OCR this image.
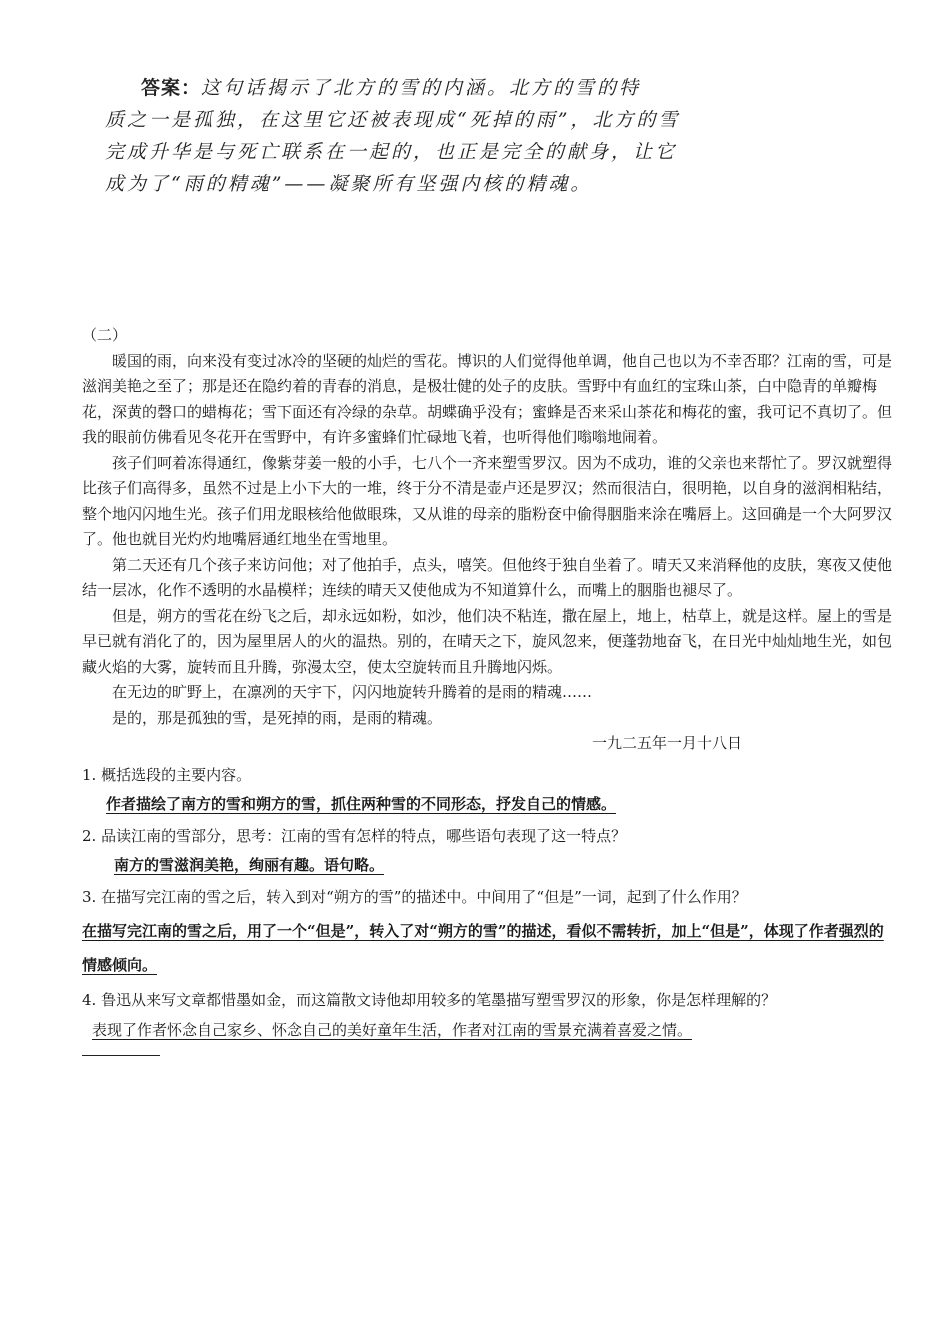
答案：这句话揭示了北方的雪的内涵。北方的雪的特

质之一是孤独，在这里它还被表现成“死掉的雨”，北方的雪

完成升华是与死亡联系在一起的，也正是完全的献身，让它

成为了“雨的精魂”——凝聚所有坚强内核的精魂。

（二）

暖国的雨，向来没有变过冰冷的坚硬的灿烂的雪花。博识的人们觉得他单调，他自己也以为不幸否耶？江南的雪，可是滋润美艳之至了；那是还在隐约着的青春的消息，是极壮健的处子的皮肤。雪野中有血红的宝珠山茶，白中隐青的单瓣梅花，深黄的磬口的蜡梅花；雪下面还有冷绿的杂草。胡蝶确乎没有；蜜蜂是否来采山茶花和梅花的蜜，我可记不真切了。但我的眼前仿佛看见冬花开在雪野中，有许多蜜蜂们忙碌地飞着，也听得他们嗡嗡地闹着。

孩子们呵着冻得通红，像紫芽姜一般的小手，七八个一齐来塑雪罗汉。因为不成功，谁的父亲也来帮忙了。罗汉就塑得比孩子们高得多，虽然不过是上小下大的一堆，终于分不清是壶卢还是罗汉；然而很洁白，很明艳，以自身的滋润相粘结，整个地闪闪地生光。孩子们用龙眼核给他做眼珠，又从谁的母亲的脂粉奁中偷得胭脂来涂在嘴唇上。这回确是一个大阿罗汉了。他也就目光灼灼地嘴唇通红地坐在雪地里。

第二天还有几个孩子来访问他；对了他拍手，点头，嘻笑。但他终于独自坐着了。晴天又来消释他的皮肤，寒夜又使他结一层冰，化作不透明的水晶模样；连续的晴天又使他成为不知道算什么，而嘴上的胭脂也褪尽了。

但是，朔方的雪花在纷飞之后，却永远如粉，如沙，他们决不粘连，撒在屋上，地上，枯草上，就是这样。屋上的雪是早已就有消化了的，因为屋里居人的火的温热。别的，在晴天之下，旋风忽来，便蓬勃地奋飞，在日光中灿灿地生光，如包藏火焰的大雾，旋转而且升腾，弥漫太空，使太空旋转而且升腾地闪烁。

在无边的旷野上，在凛冽的天宇下，闪闪地旋转升腾着的是雨的精魂……

是的，那是孤独的雪，是死掉的雨，是雨的精魂。

一九二五年一月十八日

1. 概括选段的主要内容。

作者描绘了南方的雪和朔方的雪，抓住两种雪的不同形态，抒发自己的情感。

2. 品读江南的雪部分，思考：江南的雪有怎样的特点，哪些语句表现了这一特点？

南方的雪滋润美艳，绚丽有趣。语句略。

3. 在描写完江南的雪之后，转入到对“朔方的雪”的描述中。中间用了“但是”一词，起到了什么作用？

在描写完江南的雪之后，用了一个“但是”，转入了对“朔方的雪”的描述，看似不需转折，加上“但是”，体现了作者强烈的情感倾向。

4. 鲁迅从来写文章都惜墨如金，而这篇散文诗他却用较多的笔墨描写塑雪罗汉的形象，你是怎样理解的？

表现了作者怀念自己家乡、怀念自己的美好童年生活，作者对江南的雪景充满着喜爱之情。
